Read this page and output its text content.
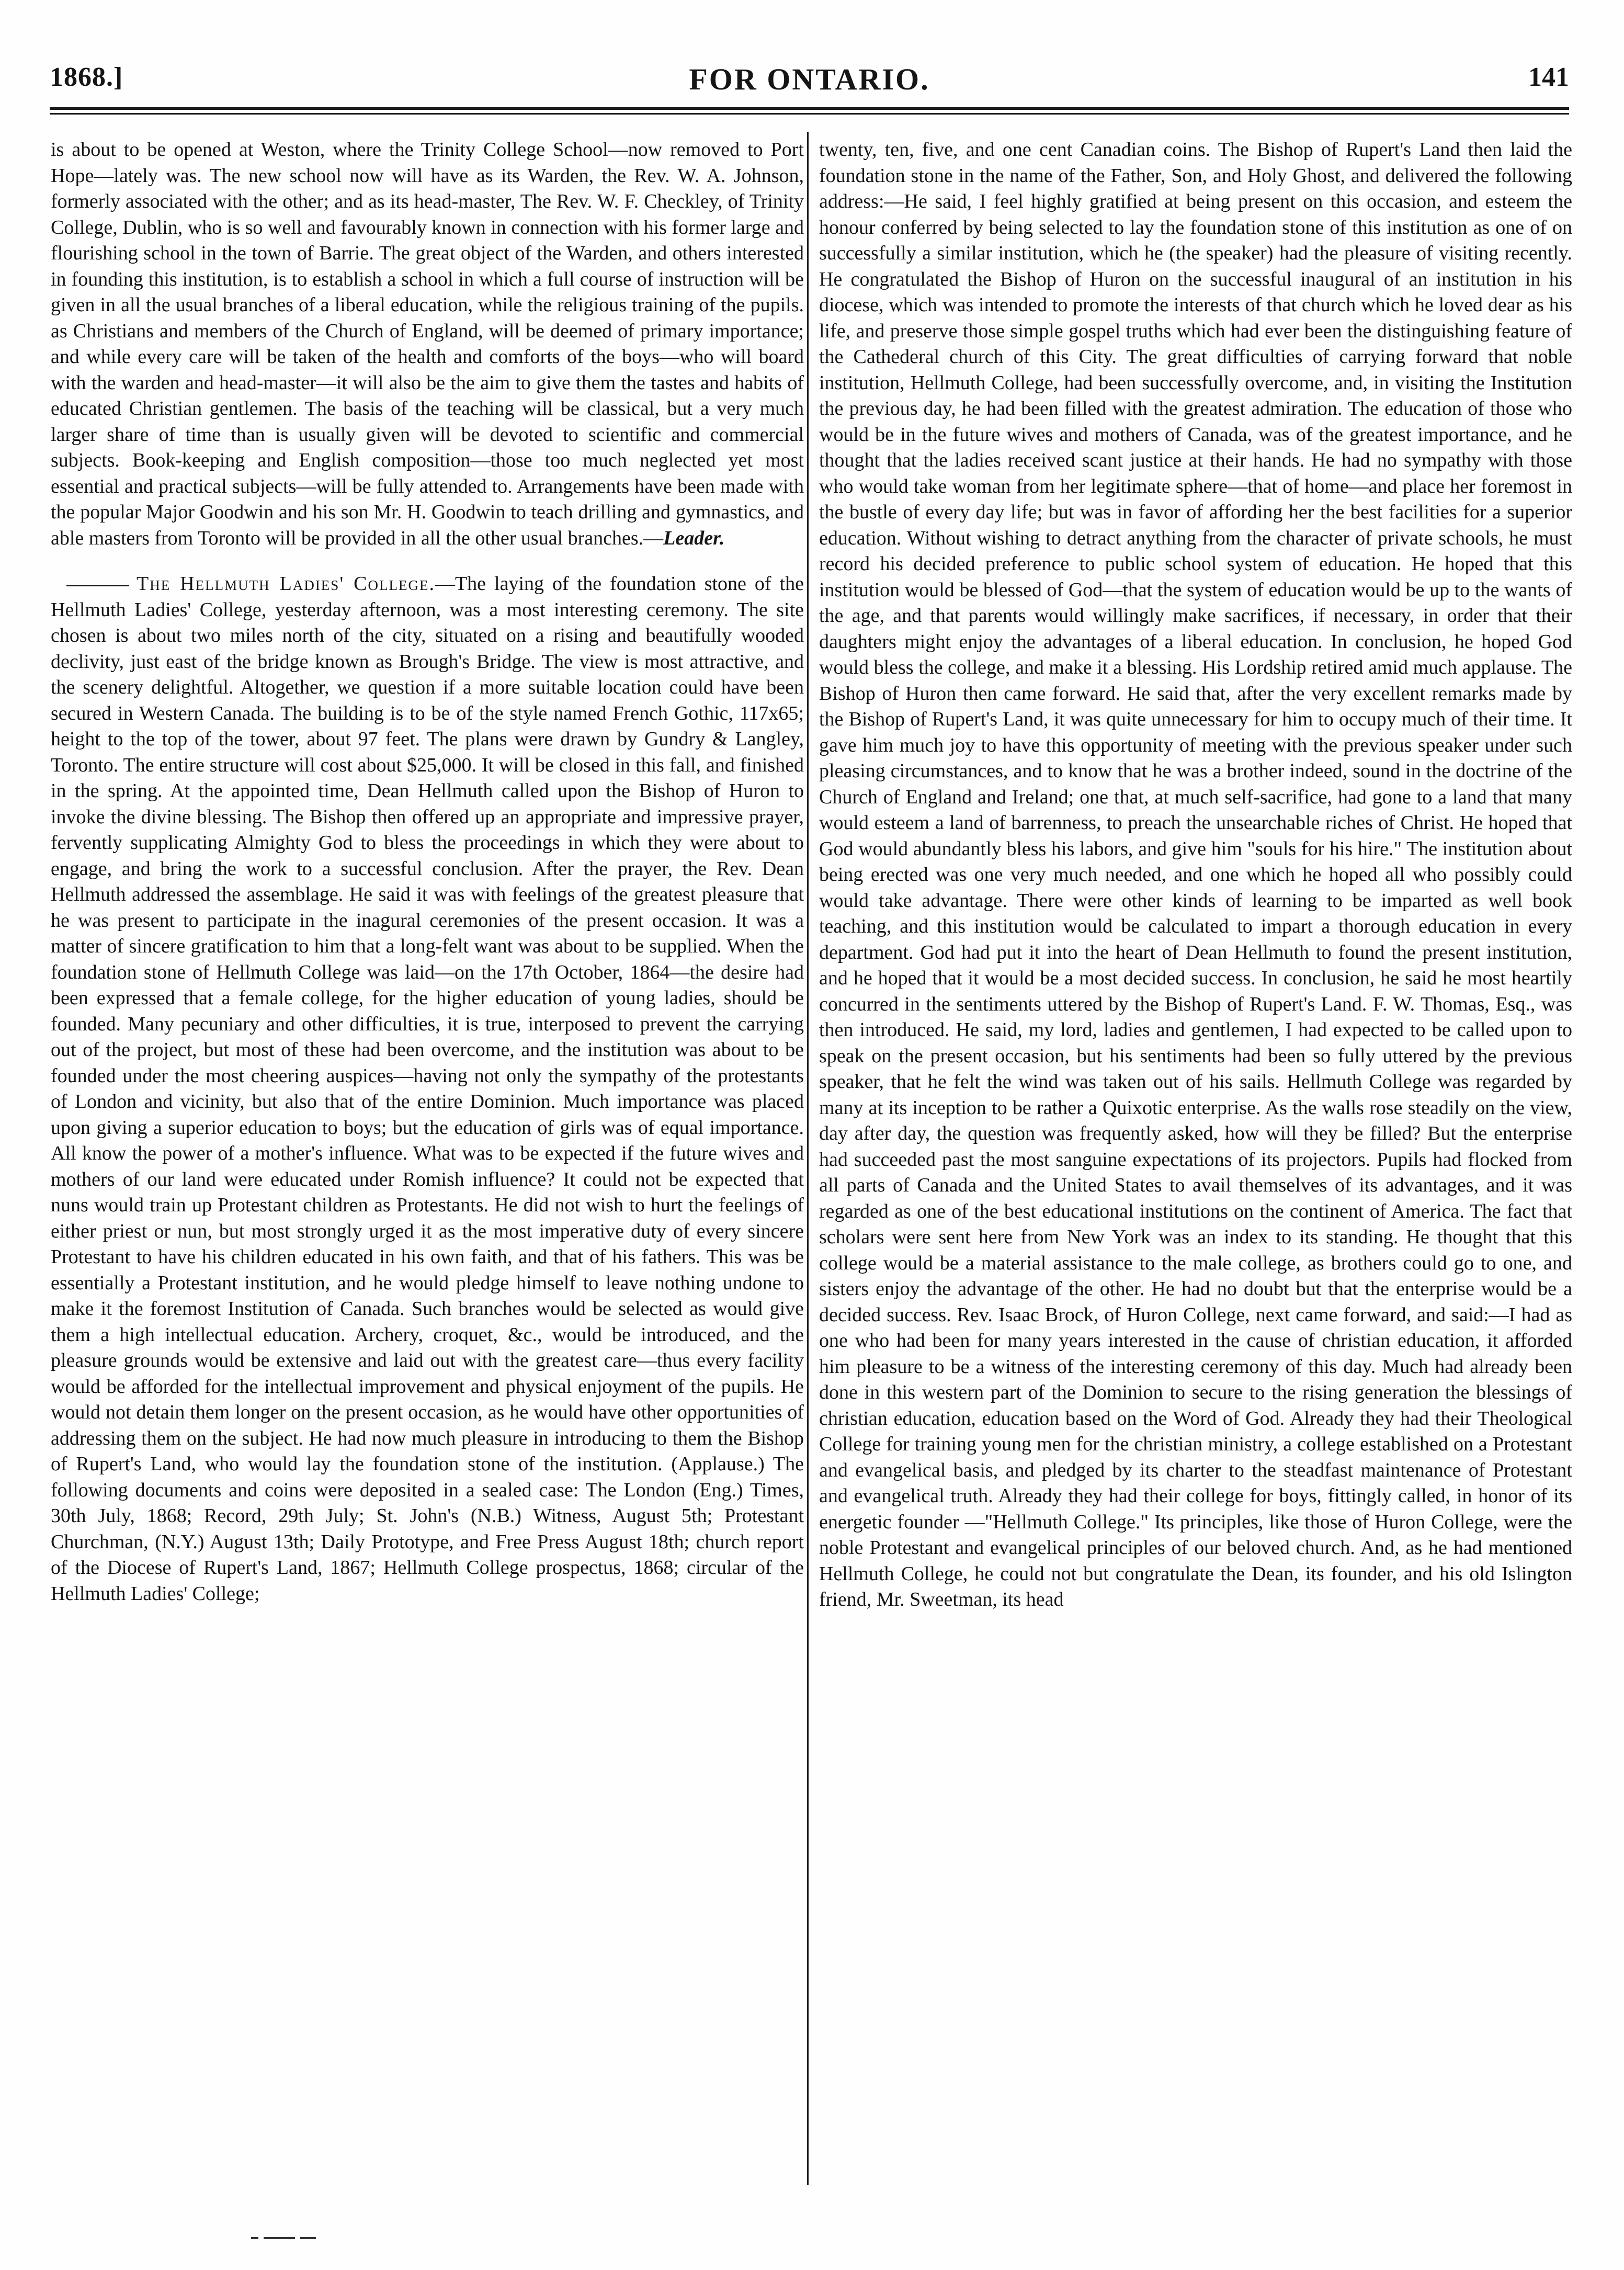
1868.]	FOR ONTARIO.	141

is about to be opened at Weston, where the Trinity College School—now removed to Port Hope—lately was. The new school now will have as its Warden, the Rev. W. A. Johnson, formerly associated with the other; and as its head-master, The Rev. W. F. Checkley, of Trinity College, Dublin, who is so well and favourably known in connection with his former large and flourishing school in the town of Barrie. The great object of the Warden, and others interested in founding this institution, is to establish a school in which a full course of instruction will be given in all the usual branches of a liberal education, while the religious training of the pupils. as Christians and members of the Church of England, will be deemed of primary importance; and while every care will be taken of the health and comforts of the boys—who will board with the warden and head-master—it will also be the aim to give them the tastes and habits of educated Christian gentlemen. The basis of the teaching will be classical, but a very much larger share of time than is usually given will be devoted to scientific and commercial subjects. Book-keeping and English composition—those too much neglected yet most essential and practical subjects—will be fully attended to. Arrangements have been made with the popular Major Goodwin and his son Mr. H. Goodwin to teach drilling and gymnastics, and able masters from Toronto will be provided in all the other usual branches.—Leader.

The Hellmuth Ladies' College.—The laying of the foundation stone of the Hellmuth Ladies' College, yesterday afternoon, was a most interesting ceremony. The site chosen is about two miles north of the city, situated on a rising and beautifully wooded declivity, just east of the bridge known as Brough's Bridge. The view is most attractive, and the scenery delightful. Altogether, we question if a more suitable location could have been secured in Western Canada. The building is to be of the style named French Gothic, 117x65; height to the top of the tower, about 97 feet. The plans were drawn by Gundry & Langley, Toronto. The entire structure will cost about $25,000. It will be closed in this fall, and finished in the spring. At the appointed time, Dean Hellmuth called upon the Bishop of Huron to invoke the divine blessing. The Bishop then offered up an appropriate and impressive prayer, fervently supplicating Almighty God to bless the proceedings in which they were about to engage, and bring the work to a successful conclusion. After the prayer, the Rev. Dean Hellmuth addressed the assemblage. He said it was with feelings of the greatest pleasure that he was present to participate in the inagural ceremonies of the present occasion. It was a matter of sincere gratification to him that a long-felt want was about to be supplied. When the foundation stone of Hellmuth College was laid—on the 17th October, 1864—the desire had been expressed that a female college, for the higher education of young ladies, should be founded. Many pecuniary and other difficulties, it is true, interposed to prevent the carrying out of the project, but most of these had been overcome, and the institution was about to be founded under the most cheering auspices—having not only the sympathy of the protestants of London and vicinity, but also that of the entire Dominion. Much importance was placed upon giving a superior education to boys; but the education of girls was of equal importance. All know the power of a mother's influence. What was to be expected if the future wives and mothers of our land were educated under Romish influence? It could not be expected that nuns would train up Protestant children as Protestants. He did not wish to hurt the feelings of either priest or nun, but most strongly urged it as the most imperative duty of every sincere Protestant to have his children educated in his own faith, and that of his fathers. This was be essentially a Protestant institution, and he would pledge himself to leave nothing undone to make it the foremost Institution of Canada. Such branches would be selected as would give them a high intellectual education. Archery, croquet, &c., would be introduced, and the pleasure grounds would be extensive and laid out with the greatest care—thus every facility would be afforded for the intellectual improvement and physical enjoyment of the pupils. He would not detain them longer on the present occasion, as he would have other opportunities of addressing them on the subject. He had now much pleasure in introducing to them the Bishop of Rupert's Land, who would lay the foundation stone of the institution. (Applause.) The following documents and coins were deposited in a sealed case: The London (Eng.) Times, 30th July, 1868; Record, 29th July; St. John's (N.B.) Witness, August 5th; Protestant Churchman, (N.Y.) August 13th; Daily Prototype, and Free Press August 18th; church report of the Diocese of Rupert's Land, 1867; Hellmuth College prospectus, 1868; circular of the Hellmuth Ladies' College;

twenty, ten, five, and one cent Canadian coins. The Bishop of Rupert's Land then laid the foundation stone in the name of the Father, Son, and Holy Ghost, and delivered the following address:—He said, I feel highly gratified at being present on this occasion, and esteem the honour conferred by being selected to lay the foundation stone of this institution as one of on successfully a similar institution, which he (the speaker) had the pleasure of visiting recently. He congratulated the Bishop of Huron on the successful inaugural of an institution in his diocese, which was intended to promote the interests of that church which he loved dear as his life, and preserve those simple gospel truths which had ever been the distinguishing feature of the Cathederal church of this City. The great difficulties of carrying forward that noble institution, Hellmuth College, had been successfully overcome, and, in visiting the Institution the previous day, he had been filled with the greatest admiration. The education of those who would be in the future wives and mothers of Canada, was of the greatest importance, and he thought that the ladies received scant justice at their hands. He had no sympathy with those who would take woman from her legitimate sphere—that of home—and place her foremost in the bustle of every day life; but was in favor of affording her the best facilities for a superior education. Without wishing to detract anything from the character of private schools, he must record his decided preference to public school system of education. He hoped that this institution would be blessed of God—that the system of education would be up to the wants of the age, and that parents would willingly make sacrifices, if necessary, in order that their daughters might enjoy the advantages of a liberal education. In conclusion, he hoped God would bless the college, and make it a blessing. His Lordship retired amid much applause. The Bishop of Huron then came forward. He said that, after the very excellent remarks made by the Bishop of Rupert's Land, it was quite unnecessary for him to occupy much of their time. It gave him much joy to have this opportunity of meeting with the previous speaker under such pleasing circumstances, and to know that he was a brother indeed, sound in the doctrine of the Church of England and Ireland; one that, at much self-sacrifice, had gone to a land that many would esteem a land of barrenness, to preach the unsearchable riches of Christ. He hoped that God would abundantly bless his labors, and give him "souls for his hire." The institution about being erected was one very much needed, and one which he hoped all who possibly could would take advantage. There were other kinds of learning to be imparted as well book teaching, and this institution would be calculated to impart a thorough education in every department. God had put it into the heart of Dean Hellmuth to found the present institution, and he hoped that it would be a most decided success. In conclusion, he said he most heartily concurred in the sentiments uttered by the Bishop of Rupert's Land. F. W. Thomas, Esq., was then introduced. He said, my lord, ladies and gentlemen, I had expected to be called upon to speak on the present occasion, but his sentiments had been so fully uttered by the previous speaker, that he felt the wind was taken out of his sails. Hellmuth College was regarded by many at its inception to be rather a Quixotic enterprise. As the walls rose steadily on the view, day after day, the question was frequently asked, how will they be filled? But the enterprise had succeeded past the most sanguine expectations of its projectors. Pupils had flocked from all parts of Canada and the United States to avail themselves of its advantages, and it was regarded as one of the best educational institutions on the continent of America. The fact that scholars were sent here from New York was an index to its standing. He thought that this college would be a material assistance to the male college, as brothers could go to one, and sisters enjoy the advantage of the other. He had no doubt but that the enterprise would be a decided success. Rev. Isaac Brock, of Huron College, next came forward, and said:—I had as one who had been for many years interested in the cause of christian education, it afforded him pleasure to be a witness of the interesting ceremony of this day. Much had already been done in this western part of the Dominion to secure to the rising generation the blessings of christian education, education based on the Word of God. Already they had their Theological College for training young men for the christian ministry, a college established on a Protestant and evangelical basis, and pledged by its charter to the steadfast maintenance of Protestant and evangelical truth. Already they had their college for boys, fittingly called, in honor of its energetic founder —"Hellmuth College." Its principles, like those of Huron College, were the noble Protestant and evangelical principles of our beloved church. And, as he had mentioned Hellmuth College, he could not but congratulate the Dean, its founder, and his old Islington friend, Mr. Sweetman, its head
